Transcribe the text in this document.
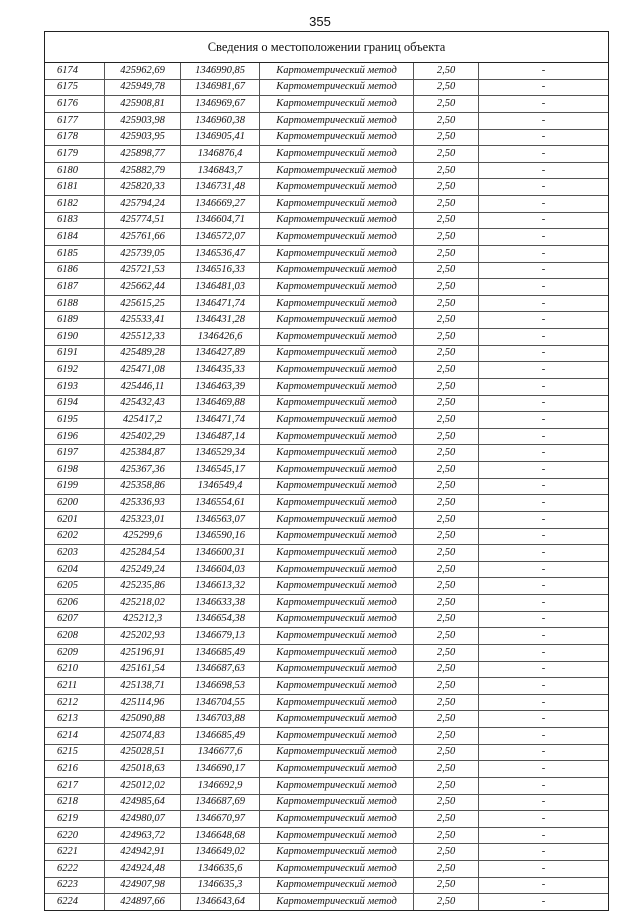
355
Сведения о местоположении границ объекта
6174	425962,69	1346990,85	Картометрический метод	2,50	-
6175	425949,78	1346981,67	Картометрический метод	2,50	-
6176	425908,81	1346969,67	Картометрический метод	2,50	-
6177	425903,98	1346960,38	Картометрический метод	2,50	-
6178	425903,95	1346905,41	Картометрический метод	2,50	-
6179	425898,77	1346876,4	Картометрический метод	2,50	-
6180	425882,79	1346843,7	Картометрический метод	2,50	-
6181	425820,33	1346731,48	Картометрический метод	2,50	-
6182	425794,24	1346669,27	Картометрический метод	2,50	-
6183	425774,51	1346604,71	Картометрический метод	2,50	-
6184	425761,66	1346572,07	Картометрический метод	2,50	-
6185	425739,05	1346536,47	Картометрический метод	2,50	-
6186	425721,53	1346516,33	Картометрический метод	2,50	-
6187	425662,44	1346481,03	Картометрический метод	2,50	-
6188	425615,25	1346471,74	Картометрический метод	2,50	-
6189	425533,41	1346431,28	Картометрический метод	2,50	-
6190	425512,33	1346426,6	Картометрический метод	2,50	-
6191	425489,28	1346427,89	Картометрический метод	2,50	-
6192	425471,08	1346435,33	Картометрический метод	2,50	-
6193	425446,11	1346463,39	Картометрический метод	2,50	-
6194	425432,43	1346469,88	Картометрический метод	2,50	-
6195	425417,2	1346471,74	Картометрический метод	2,50	-
6196	425402,29	1346487,14	Картометрический метод	2,50	-
6197	425384,87	1346529,34	Картометрический метод	2,50	-
6198	425367,36	1346545,17	Картометрический метод	2,50	-
6199	425358,86	1346549,4	Картометрический метод	2,50	-
6200	425336,93	1346554,61	Картометрический метод	2,50	-
6201	425323,01	1346563,07	Картометрический метод	2,50	-
6202	425299,6	1346590,16	Картометрический метод	2,50	-
6203	425284,54	1346600,31	Картометрический метод	2,50	-
6204	425249,24	1346604,03	Картометрический метод	2,50	-
6205	425235,86	1346613,32	Картометрический метод	2,50	-
6206	425218,02	1346633,38	Картометрический метод	2,50	-
6207	425212,3	1346654,38	Картометрический метод	2,50	-
6208	425202,93	1346679,13	Картометрический метод	2,50	-
6209	425196,91	1346685,49	Картометрический метод	2,50	-
6210	425161,54	1346687,63	Картометрический метод	2,50	-
6211	425138,71	1346698,53	Картометрический метод	2,50	-
6212	425114,96	1346704,55	Картометрический метод	2,50	-
6213	425090,88	1346703,88	Картометрический метод	2,50	-
6214	425074,83	1346685,49	Картометрический метод	2,50	-
6215	425028,51	1346677,6	Картометрический метод	2,50	-
6216	425018,63	1346690,17	Картометрический метод	2,50	-
6217	425012,02	1346692,9	Картометрический метод	2,50	-
6218	424985,64	1346687,69	Картометрический метод	2,50	-
6219	424980,07	1346670,97	Картометрический метод	2,50	-
6220	424963,72	1346648,68	Картометрический метод	2,50	-
6221	424942,91	1346649,02	Картометрический метод	2,50	-
6222	424924,48	1346635,6	Картометрический метод	2,50	-
6223	424907,98	1346635,3	Картометрический метод	2,50	-
6224	424897,66	1346643,64	Картометрический метод	2,50	-
